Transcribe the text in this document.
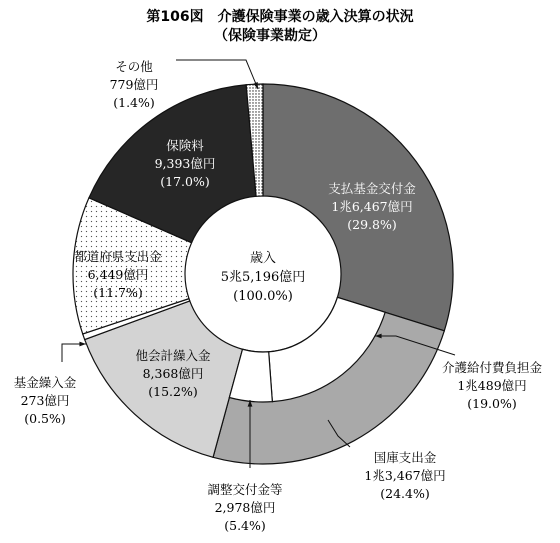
第106図　介護保険事業の歳入決算の状況
（保険事業勘定）
支払基金交付金
1兆6,467億円
(29.8%)
介護給付費負担金
1兆489億円
(19.0%)
国庫支出金
1兆3,467億円
(24.4%)
調整交付金等
2,978億円
(5.4%)
他会計繰入金
8,368億円
(15.2%)
基金繰入金
273億円
(0.5%)
都道府県支出金
6,449億円
(11.7%)
保険料
9,393億円
(17.0%)
その他
779億円
(1.4%)
歳入
5兆5,196億円
(100.0%)
